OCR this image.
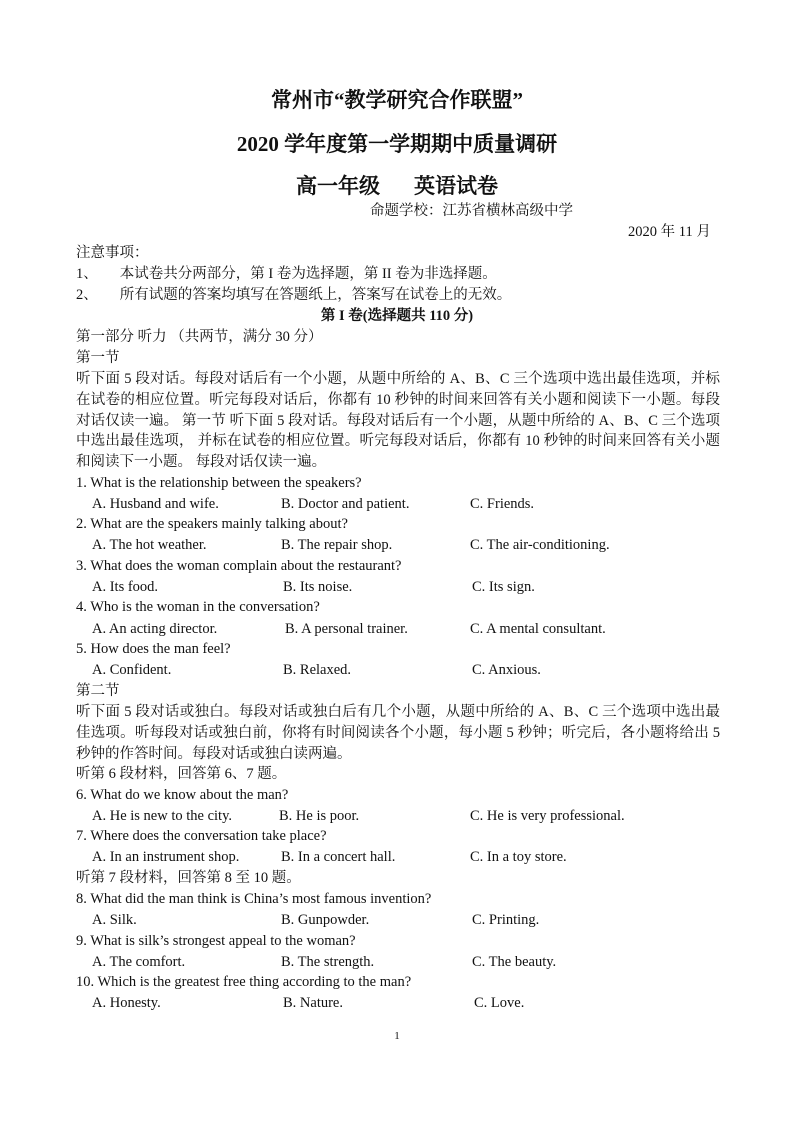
常州市“教学研究合作联盟”
2020 学年度第一学期期中质量调研
高一年级 英语试卷
命题学校：江苏省横林高级中学
2020 年 11 月
注意事项：
1、 本试卷共分两部分，第 I 卷为选择题，第 II 卷为非选择题。
2、 所有试题的答案均填写在答题纸上，答案写在试卷上的无效。
第 I 卷(选择题共 110 分)
第一部分 听力 （共两节，满分 30 分）
第一节
听下面 5 段对话。每段对话后有一个小题，从题中所给的 A、B、C 三个选项中选出最佳选项，并标 在试卷的相应位置。听完每段对话后，你都有 10 秒钟的时间来回答有关小题和阅读下一小题。每段 对话仅读一遍。 第一节 听下面 5 段对话。每段对话后有一个小题，从题中所给的 A、B、C 三个选项中选出最佳选项， 并标在试卷的相应位置。听完每段对话后，你都有 10 秒钟的时间来回答有关小题和阅读下一小题。 每段对话仅读一遍。
1. What is the relationship between the speakers?
A. Husband and wife.	B. Doctor and patient.	C. Friends.
2. What are the speakers mainly talking about?
A. The hot weather.	B. The repair shop.	C. The air-conditioning.
3. What does the woman complain about the restaurant?
A. Its food.	B. Its noise.	C. Its sign.
4. Who is the woman in the conversation?
A. An acting director.	B. A personal trainer.	C. A mental consultant.
5. How does the man feel?
A. Confident.	B. Relaxed.	C. Anxious.
第二节
听下面 5 段对话或独白。每段对话或独白后有几个小题，从题中所给的 A、B、C 三个选项中选出最佳选项。听每段对话或独白前，你将有时间阅读各个小题，每小题 5 秒钟；听完后，各小题将给出 5 秒钟的作答时间。每段对话或独白读两遍。
听第 6 段材料，回答第 6、7 题。
6. What do we know about the man?
A. He is new to the city.	B. He is poor.	C. He is very professional.
7. Where does the conversation take place?
A. In an instrument shop.	B. In a concert hall.	C. In a toy store.
听第 7 段材料，回答第 8 至 10 题。
8. What did the man think is China’s most famous invention?
A. Silk.	B. Gunpowder.	C. Printing.
9. What is silk’s strongest appeal to the woman?
A. The comfort.	B. The strength.	C. The beauty.
10. Which is the greatest free thing according to the man?
A. Honesty.	B. Nature.	C. Love.
1
